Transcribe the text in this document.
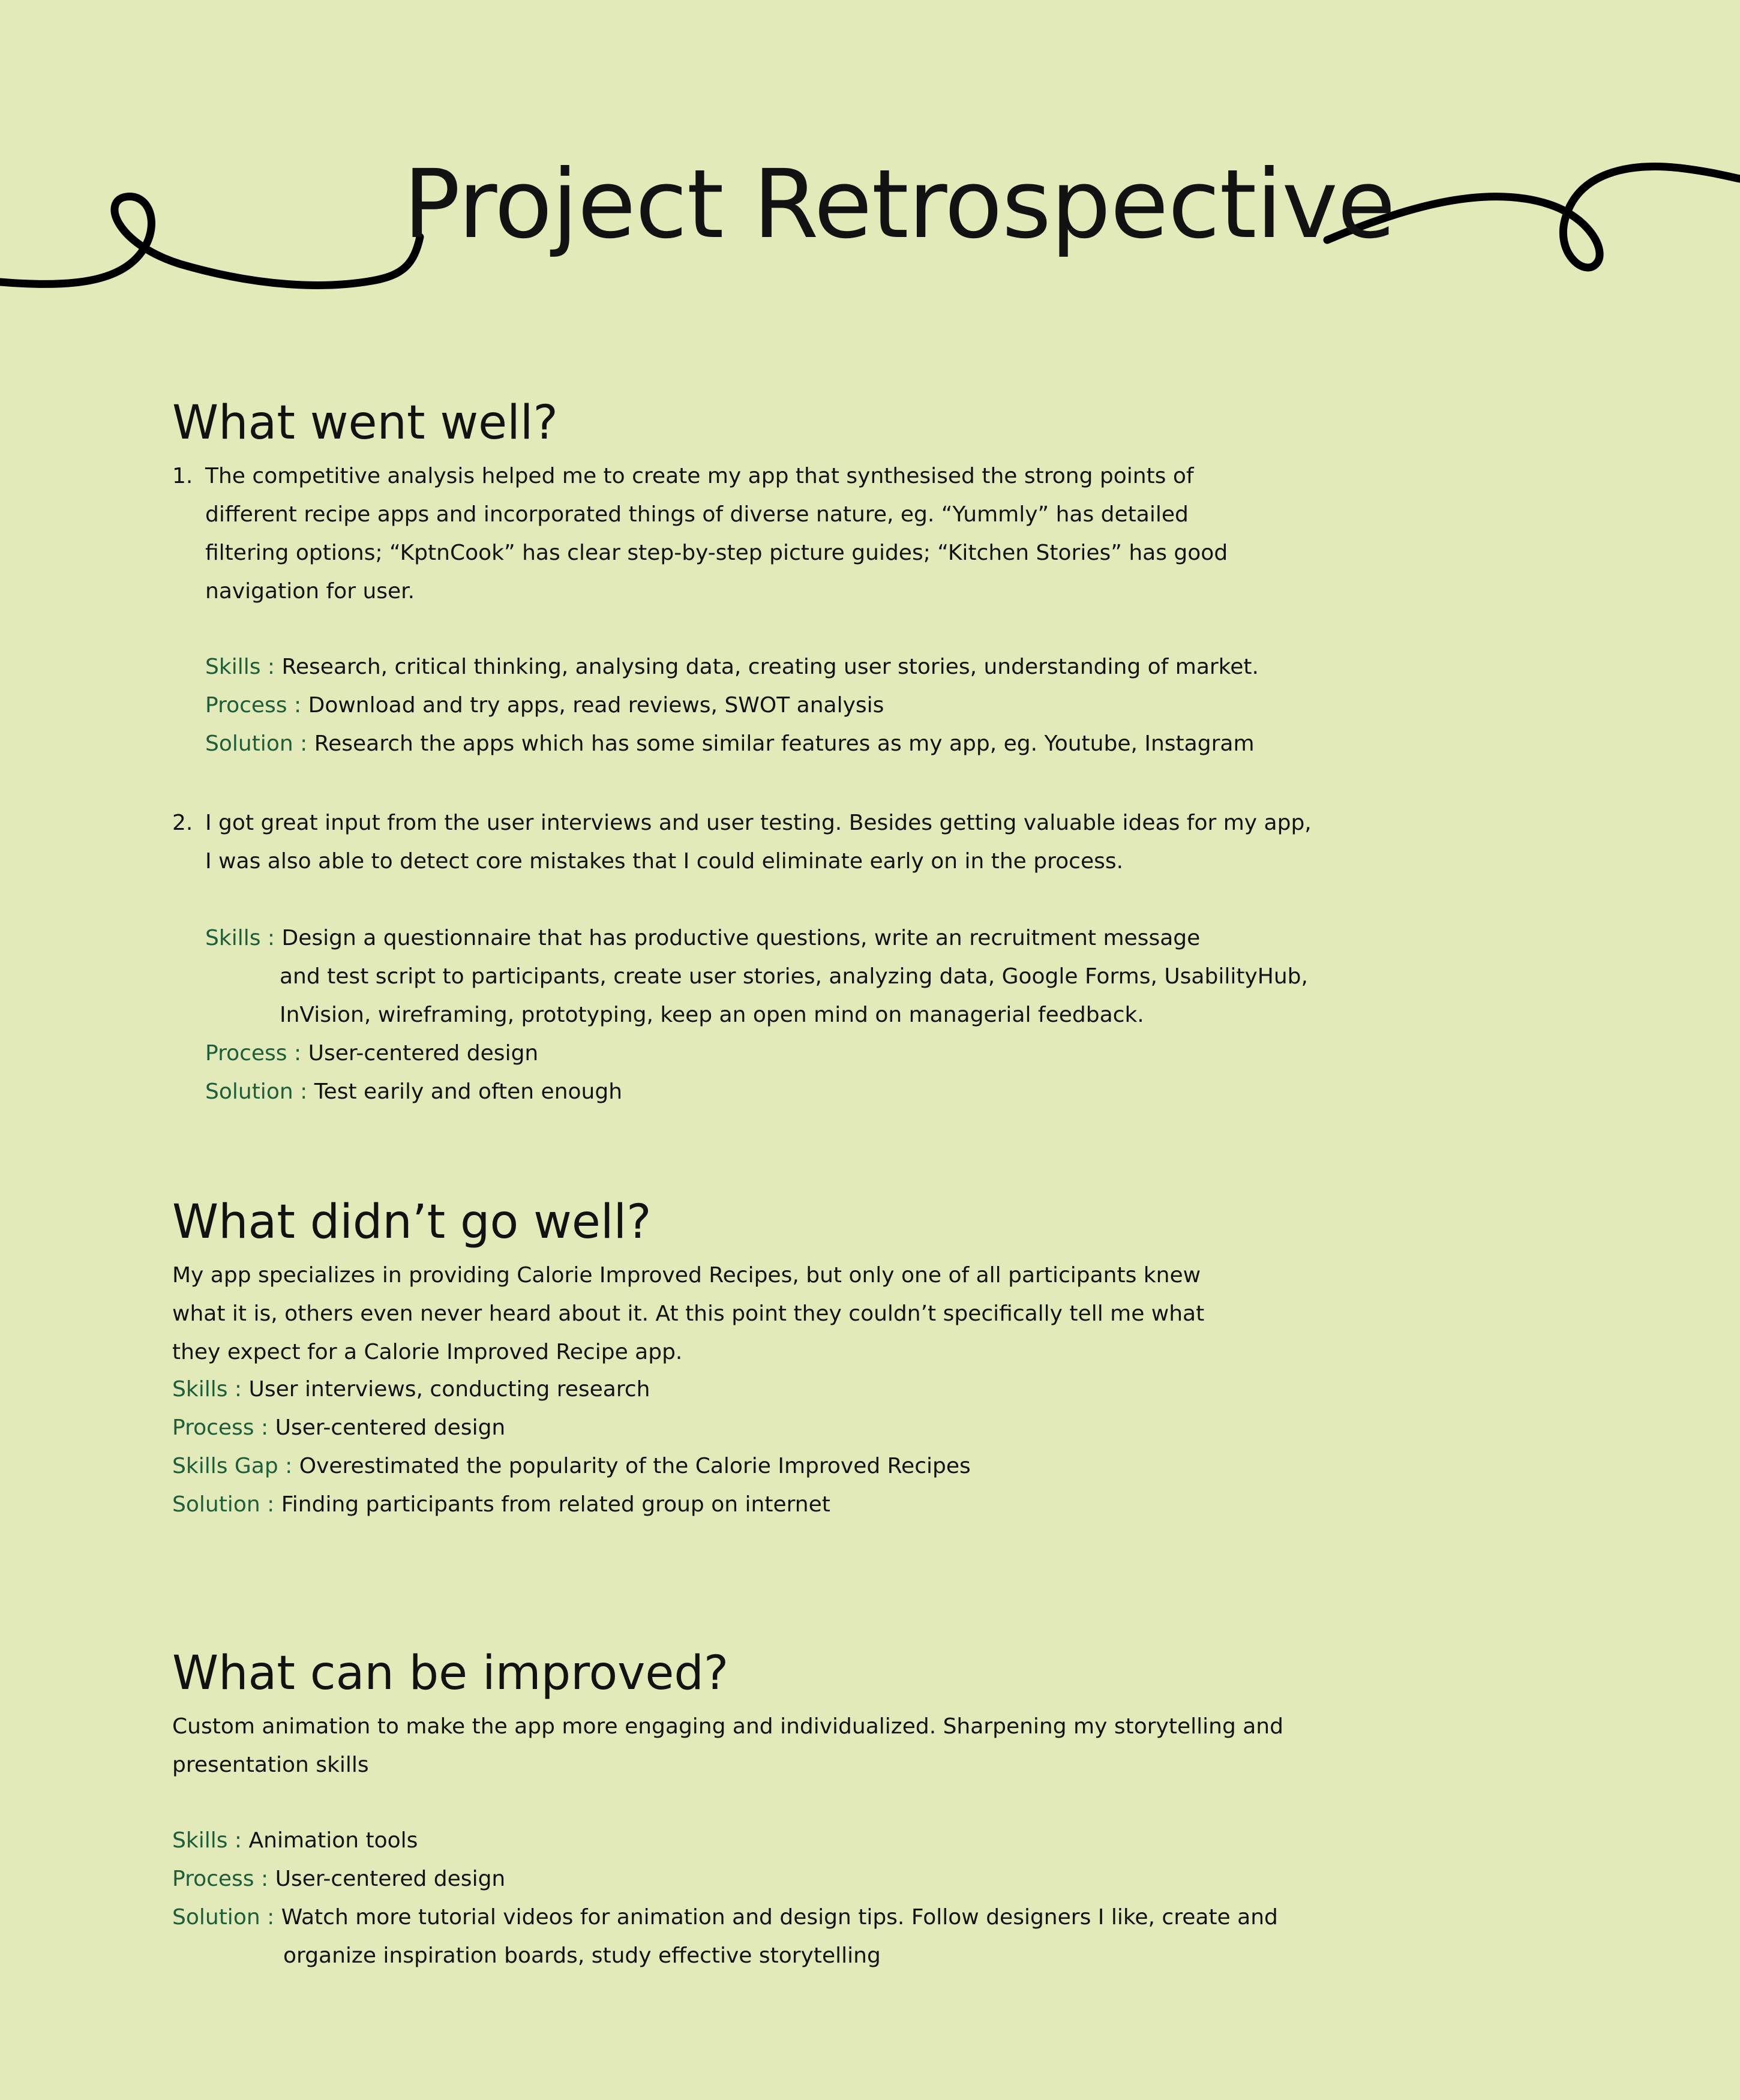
Project Retrospective
What went well?
1. The competitive analysis helped me to create my app that synthesised the strong points of
different recipe apps and incorporated things of diverse nature, eg. “Yummly” has detailed
filtering options; “KptnCook” has clear step-by-step picture guides; “Kitchen Stories” has good
navigation for user.
Skills : Research, critical thinking, analysing data, creating user stories, understanding of market.
Process : Download and try apps, read reviews, SWOT analysis
Solution : Research the apps which has some similar features as my app, eg. Youtube, Instagram
2. I got great input from the user interviews and user testing. Besides getting valuable ideas for my app,
I was also able to detect core mistakes that I could eliminate early on in the process.
Skills : Design a questionnaire that has productive questions, write an recruitment message
and test script to participants, create user stories, analyzing data, Google Forms, UsabilityHub,
InVision, wireframing, prototyping, keep an open mind on managerial feedback.
Process : User-centered design
Solution : Test earily and often enough
What didn’t go well?
My app specializes in providing Calorie Improved Recipes, but only one of all participants knew
what it is, others even never heard about it. At this point they couldn’t specifically tell me what
they expect for a Calorie Improved Recipe app.
Skills : User interviews, conducting research
Process : User-centered design
Skills Gap : Overestimated the popularity of the Calorie Improved Recipes
Solution : Finding participants from related group on internet
What can be improved?
Custom animation to make the app more engaging and individualized. Sharpening my storytelling and
presentation skills
Skills : Animation tools
Process : User-centered design
Solution : Watch more tutorial videos for animation and design tips. Follow designers I like, create and
organize inspiration boards, study effective storytelling
